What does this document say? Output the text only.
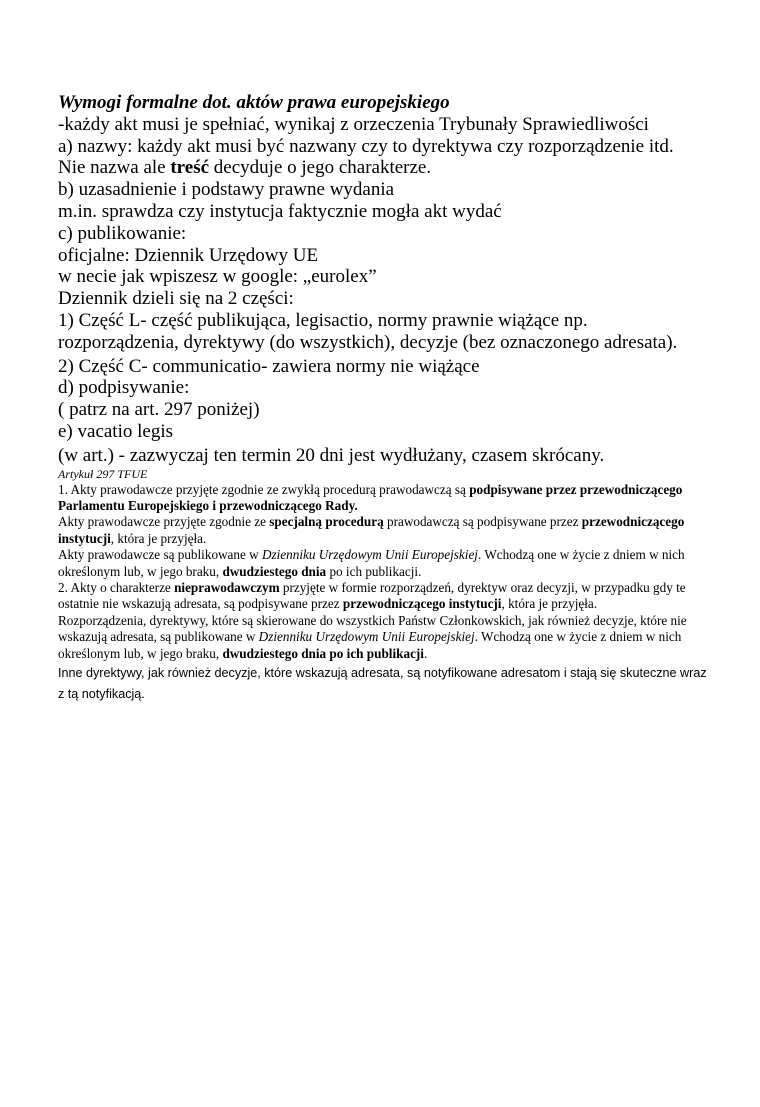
Wymogi formalne dot. aktów prawa europejskiego
-każdy akt musi je spełniać, wynikaj z orzeczenia Trybunały Sprawiedliwości
a) nazwy: każdy akt musi być nazwany czy to dyrektywa czy rozporządzenie itd.
Nie nazwa ale treść decyduje o jego charakterze.
b) uzasadnienie i podstawy prawne wydania
m.in. sprawdza czy instytucja faktycznie mogła akt wydać
c) publikowanie:
oficjalne: Dziennik Urzędowy UE
w necie jak wpiszesz w google: „eurolex”
Dziennik dzieli się na 2 części:
1) Część L- część publikująca, legisactio, normy prawnie wiążące np.
rozporządzenia, dyrektywy (do wszystkich), decyzje (bez oznaczonego adresata).
2) Część C- communicatio- zawiera normy nie wiążące
d) podpisywanie:
( patrz na art. 297 poniżej)
e) vacatio legis
(w art.) - zazwyczaj ten termin 20 dni jest wydłużany, czasem skrócany.
Artykuł 297 TFUE
1. Akty prawodawcze przyjęte zgodnie ze zwykłą procedurą prawodawczą są podpisywane przez przewodniczącego Parlamentu Europejskiego i przewodniczącego Rady.
Akty prawodawcze przyjęte zgodnie ze specjalną procedurą prawodawczą są podpisywane przez przewodniczącego instytucji, która je przyjęła.
Akty prawodawcze są publikowane w Dzienniku Urzędowym Unii Europejskiej. Wchodzą one w życie z dniem w nich określonym lub, w jego braku, dwudziestego dnia po ich publikacji.
2. Akty o charakterze nieprawodawczym przyjęte w formie rozporządzeń, dyrektyw oraz decyzji, w przypadku gdy te ostatnie nie wskazują adresata, są podpisywane przez przewodniczącego instytucji, która je przyjęła.
Rozporządzenia, dyrektywy, które są skierowane do wszystkich Państw Członkowskich, jak również decyzje, które nie wskazują adresata, są publikowane w Dzienniku Urzędowym Unii Europejskiej. Wchodzą one w życie z dniem w nich określonym lub, w jego braku, dwudziestego dnia po ich publikacji.
Inne dyrektywy, jak również decyzje, które wskazują adresata, są notyfikowane adresatom i stają się skuteczne wraz z tą notyfikacją.
